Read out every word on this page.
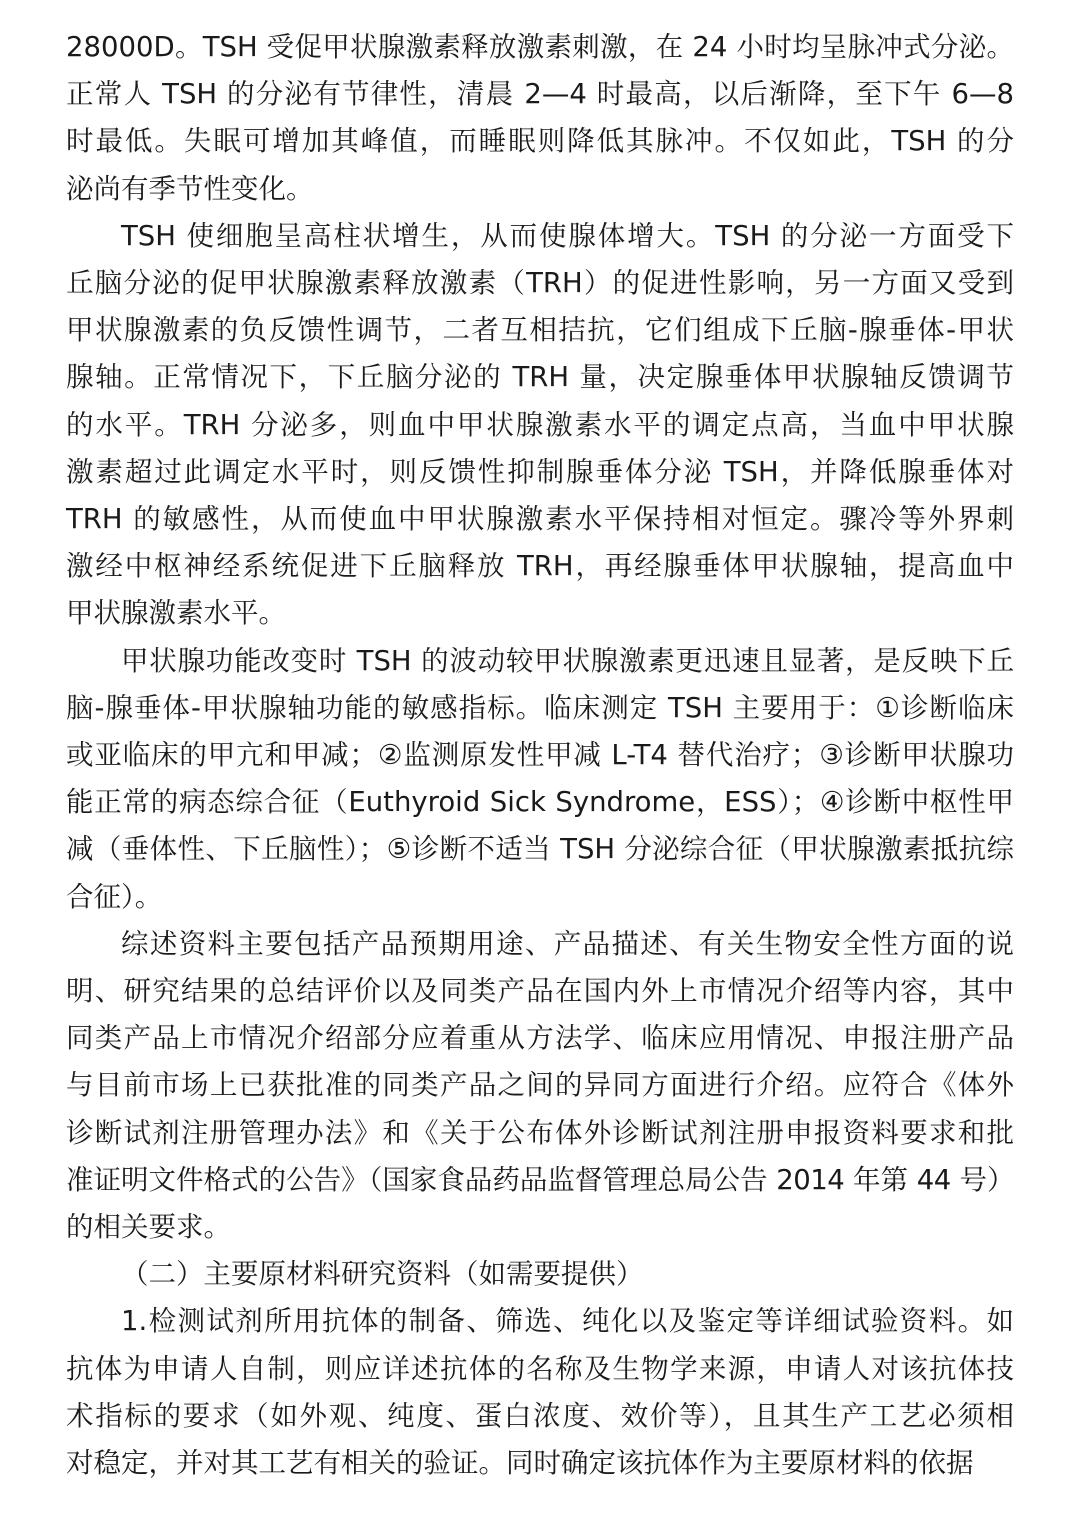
28000D。TSH 受促甲状腺激素释放激素刺激，在 24 小时均呈脉冲式分泌。
正常人 TSH 的分泌有节律性，清晨 2—4 时最高，以后渐降，至下午 6—8
时最低。失眠可增加其峰值，而睡眠则降低其脉冲。不仅如此，TSH 的分
泌尚有季节性变化。
TSH 使细胞呈高柱状增生，从而使腺体增大。TSH 的分泌一方面受下
丘脑分泌的促甲状腺激素释放激素（TRH）的促进性影响，另一方面又受到
甲状腺激素的负反馈性调节，二者互相拮抗，它们组成下丘脑-腺垂体-甲状
腺轴。正常情况下，下丘脑分泌的 TRH 量，决定腺垂体甲状腺轴反馈调节
的水平。TRH 分泌多，则血中甲状腺激素水平的调定点高，当血中甲状腺
激素超过此调定水平时，则反馈性抑制腺垂体分泌 TSH，并降低腺垂体对
TRH 的敏感性，从而使血中甲状腺激素水平保持相对恒定。骤冷等外界刺
激经中枢神经系统促进下丘脑释放 TRH，再经腺垂体甲状腺轴，提高血中
甲状腺激素水平。
甲状腺功能改变时 TSH 的波动较甲状腺激素更迅速且显著，是反映下丘
脑-腺垂体-甲状腺轴功能的敏感指标。临床测定 TSH 主要用于：①诊断临床
或亚临床的甲亢和甲减；②监测原发性甲减 L-T4 替代治疗；③诊断甲状腺功
能正常的病态综合征（Euthyroid Sick Syndrome，ESS）；④诊断中枢性甲
减（垂体性、下丘脑性）；⑤诊断不适当 TSH 分泌综合征（甲状腺激素抵抗综
合征）。
综述资料主要包括产品预期用途、产品描述、有关生物安全性方面的说
明、研究结果的总结评价以及同类产品在国内外上市情况介绍等内容，其中
同类产品上市情况介绍部分应着重从方法学、临床应用情况、申报注册产品
与目前市场上已获批准的同类产品之间的异同方面进行介绍。应符合《体外
诊断试剂注册管理办法》和《关于公布体外诊断试剂注册申报资料要求和批
准证明文件格式的公告》（国家食品药品监督管理总局公告 2014 年第 44 号）
的相关要求。
（二）主要原材料研究资料（如需要提供）
1.检测试剂所用抗体的制备、筛选、纯化以及鉴定等详细试验资料。如
抗体为申请人自制，则应详述抗体的名称及生物学来源，申请人对该抗体技
术指标的要求（如外观、纯度、蛋白浓度、效价等），且其生产工艺必须相
对稳定，并对其工艺有相关的验证。同时确定该抗体作为主要原材料的依据
